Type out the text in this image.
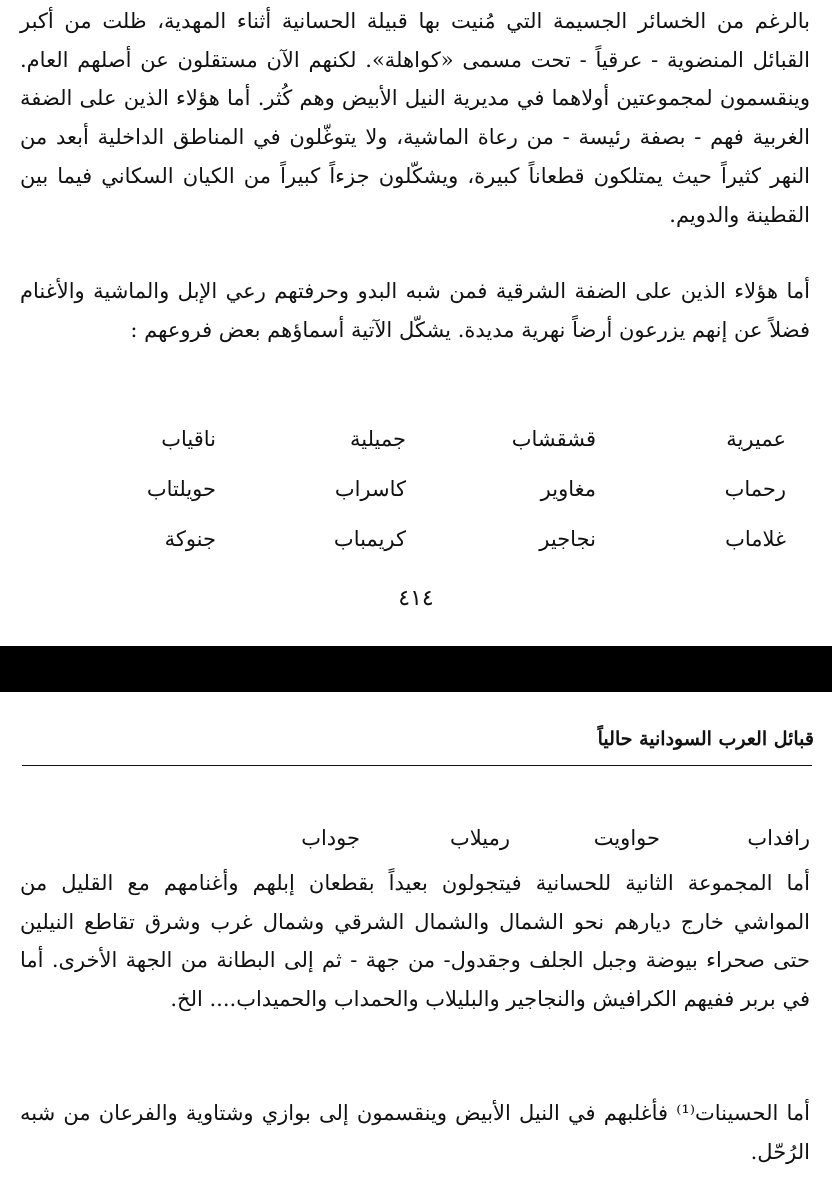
بالرغم من الخسائر الجسيمة التي مُنيت بها قبيلة الحسانية أثناء المهدية، ظلت من أكبر القبائل المنضوية - عرقياً - تحت مسمى «كواهلة». لكنهم الآن مستقلون عن أصلهم العام. وينقسمون لمجموعتين أولاهما في مديرية النيل الأبيض وهم كُثر. أما هؤلاء الذين على الضفة الغربية فهم - بصفة رئيسة - من رعاة الماشية، ولا يتوغّلون في المناطق الداخلية أبعد من النهر كثيراً حيث يمتلكون قطعاناً كبيرة، ويشكّلون جزءاً كبيراً من الكيان السكاني فيما بين القطينة والدويم.

أما هؤلاء الذين على الضفة الشرقية فمن شبه البدو وحرفتهم رعي الإبل والماشية والأغنام فضلاً عن إنهم يزرعون أرضاً نهرية مديدة. يشكّل الآتية أسماؤهم بعض فروعهم :

عميرية
قشقشاب
جميلية
ناقياب
رحماب
مغاوير
كاسراب
حويلتاب
غلاماب
نجاجير
كريمباب
جنوكة
٤١٤
قبائل العرب السودانية حالياً
رافداب
حواويت
رميلاب
جوداب

أما المجموعة الثانية للحسانية فيتجولون بعيداً بقطعان إبلهم وأغنامهم مع القليل من المواشي خارج ديارهم نحو الشمال والشمال الشرقي وشمال غرب وشرق تقاطع النيلين حتى صحراء بيوضة وجبل الجلف وجقدول- من جهة - ثم إلى البطانة من الجهة الأخرى. أما في بربر ففيهم الكرافيش والنجاجير والبليلاب والحمداب والحميداب.... الخ.

أما الحسينات⁽¹⁾ فأغلبهم في النيل الأبيض وينقسمون إلى بوازي وشتاوية والفرعان من شبه الرُحّل.
